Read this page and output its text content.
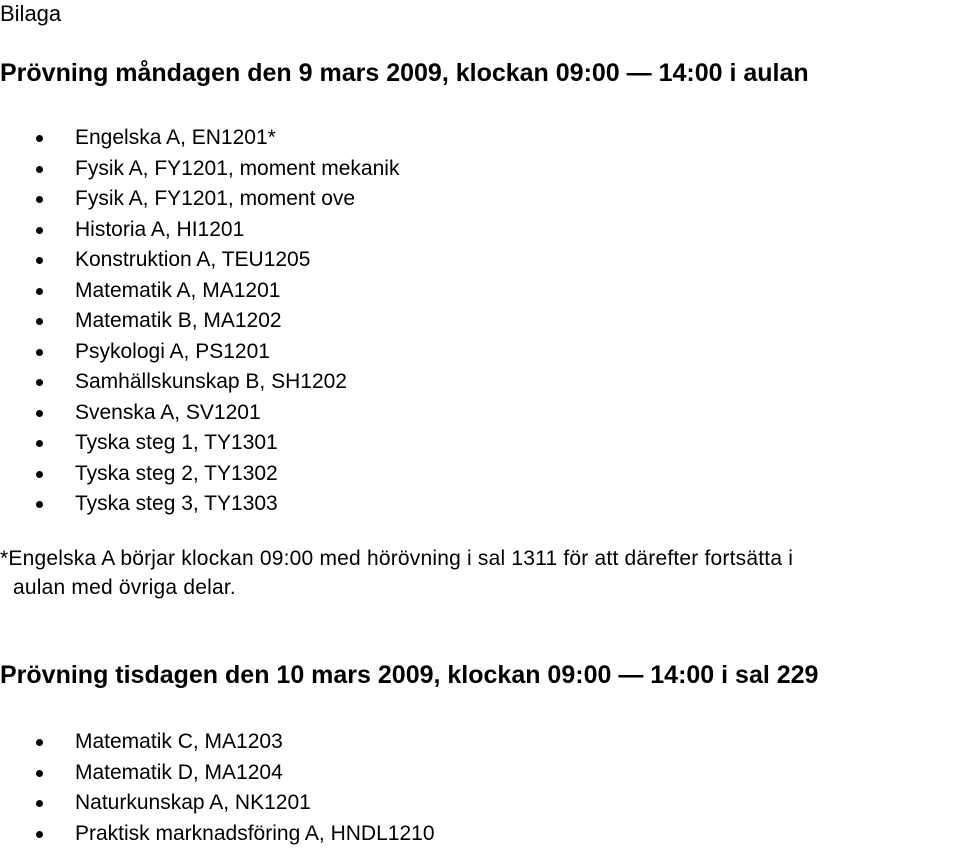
Bilaga
Prövning måndagen den 9 mars 2009, klockan 09:00 — 14:00 i aulan
Engelska A, EN1201*
Fysik A, FY1201, moment mekanik
Fysik A, FY1201, moment ove
Historia A, HI1201
Konstruktion A, TEU1205
Matematik A, MA1201
Matematik B, MA1202
Psykologi A, PS1201
Samhällskunskap B, SH1202
Svenska A, SV1201
Tyska steg 1, TY1301
Tyska steg 2, TY1302
Tyska steg 3, TY1303

*Engelska A börjar klockan 09:00 med hörövning i sal 1311 för att därefter fortsätta i
aulan med övriga delar.

Prövning tisdagen den 10 mars 2009, klockan 09:00 — 14:00 i sal 229
Matematik C, MA1203
Matematik D, MA1204
Naturkunskap A, NK1201
Praktisk marknadsföring A, HNDL1210
